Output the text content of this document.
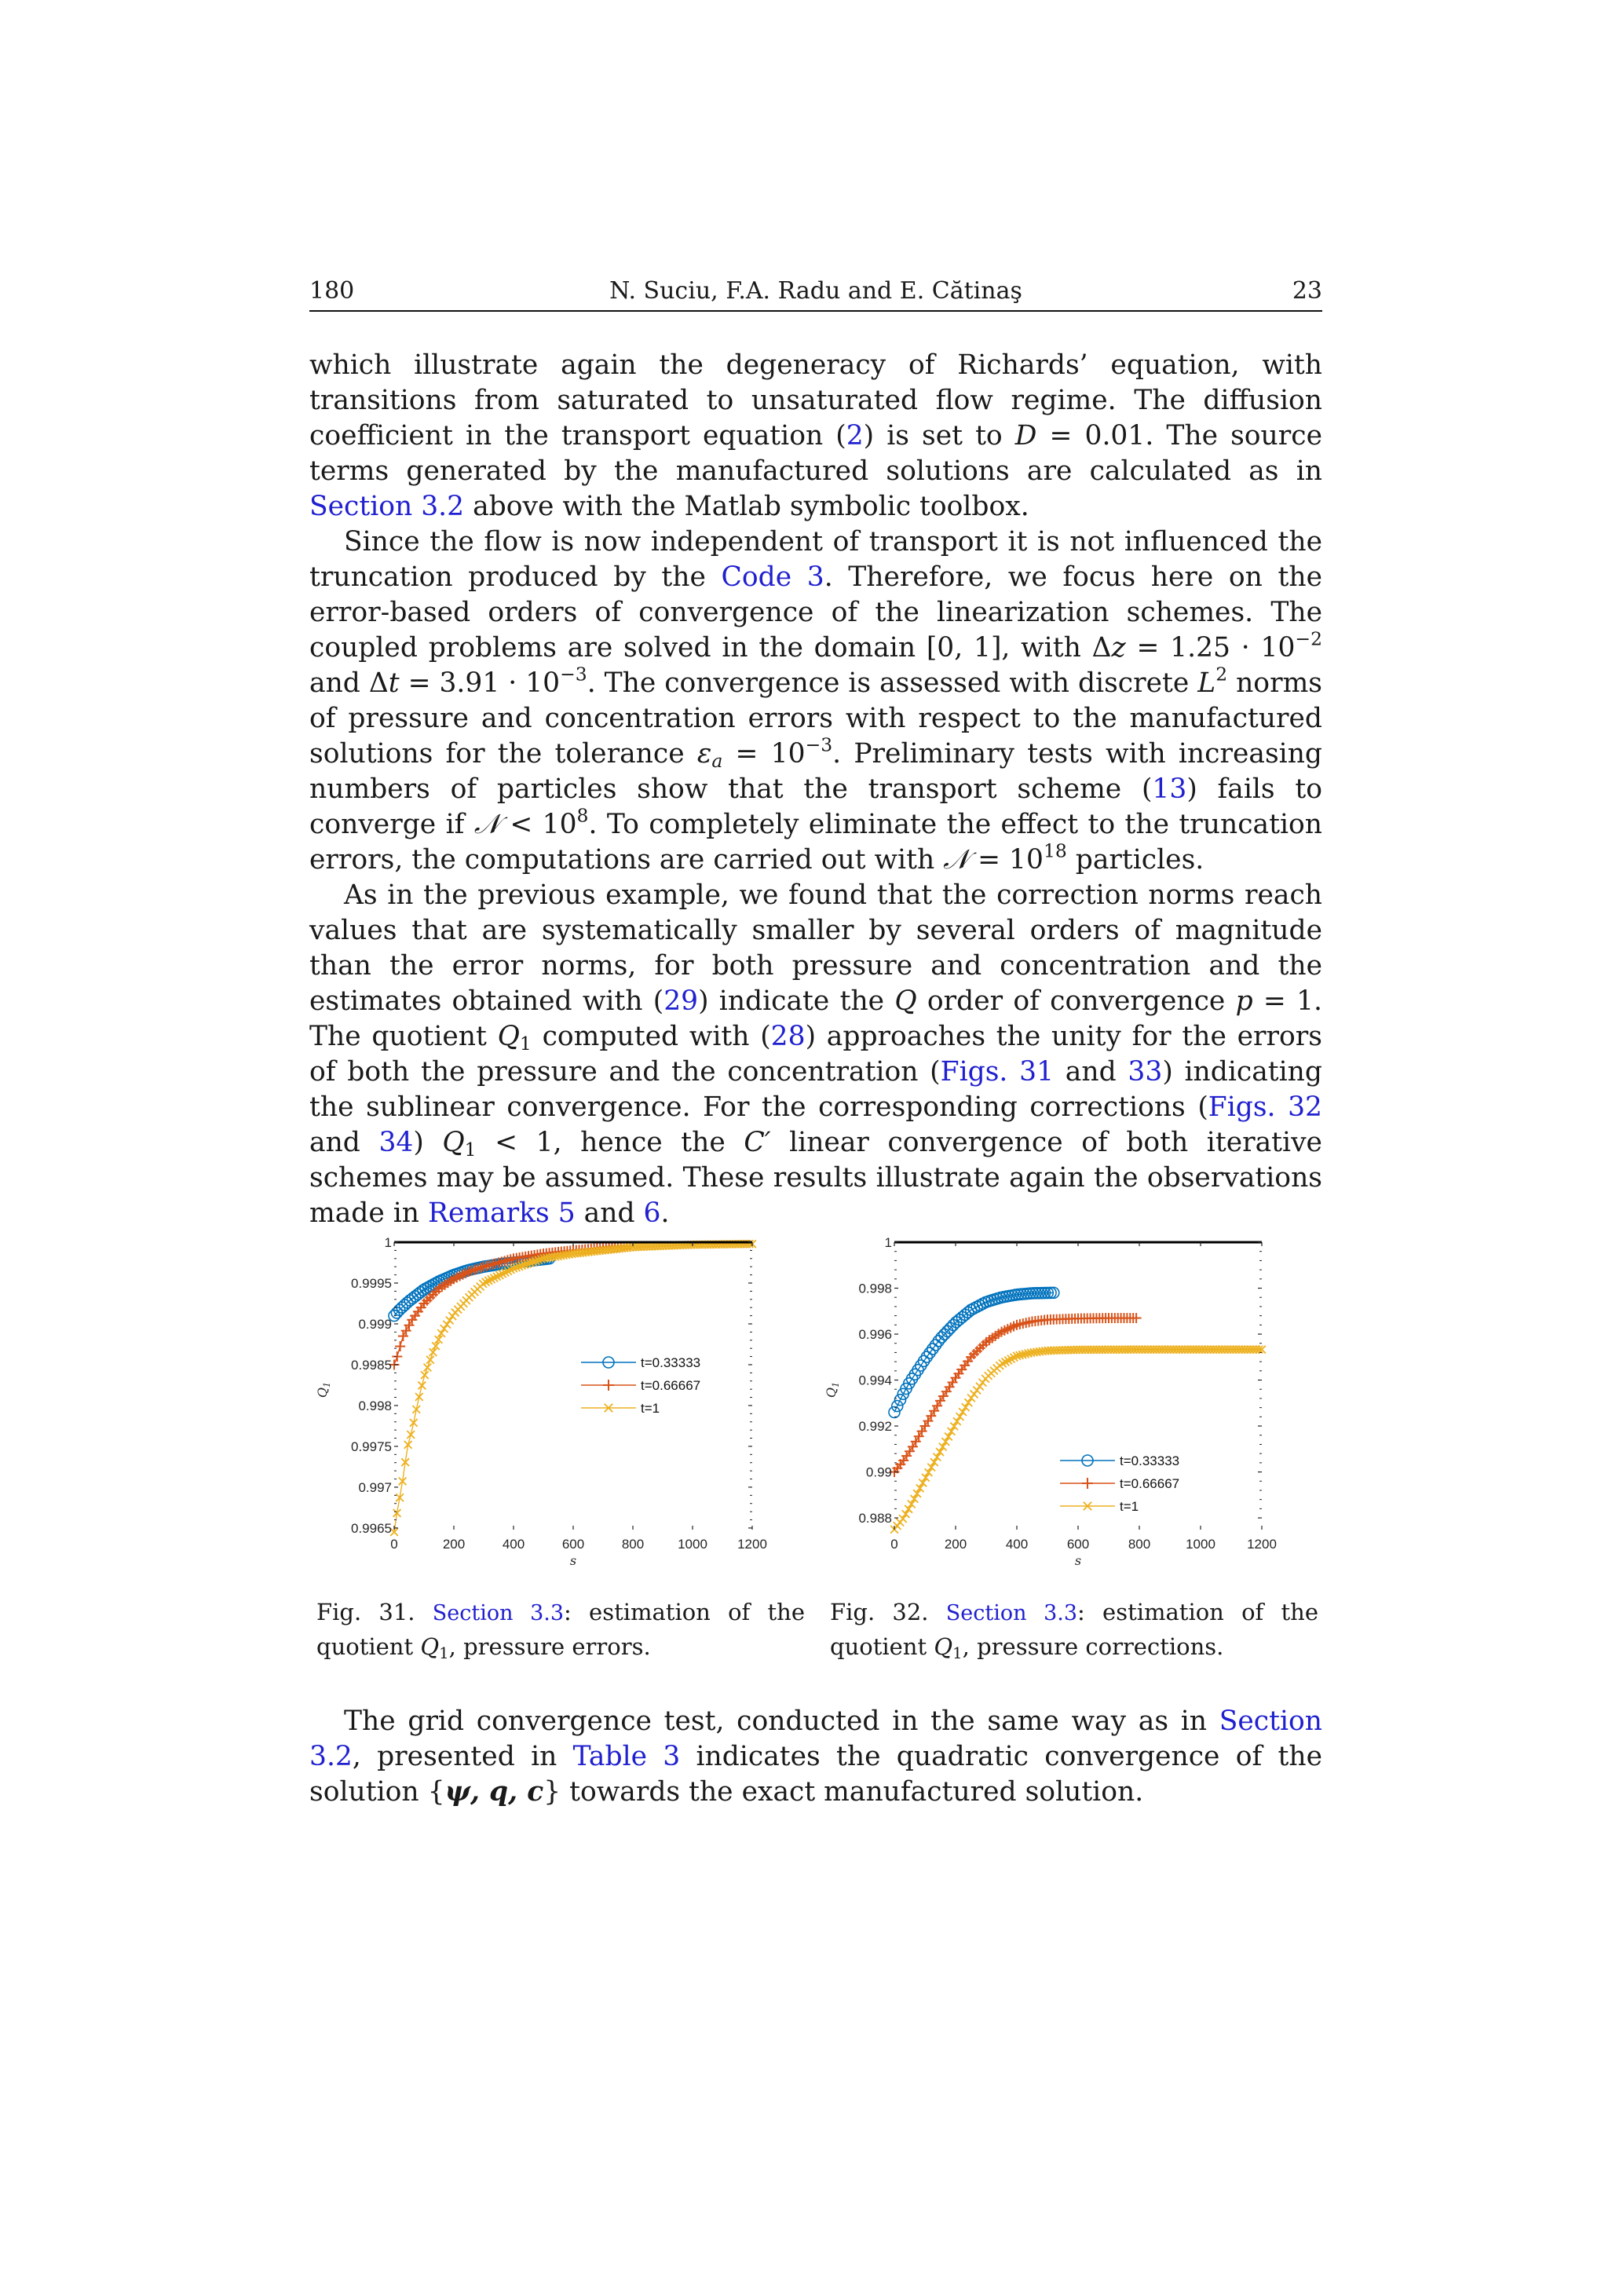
180	N. Suciu, F.A. Radu and E. Cătinaş	23

which illustrate again the degeneracy of Richards’ equation, with transitions from saturated to unsaturated flow regime. The diffusion coefficient in the transport equation (2) is set to D = 0.01. The source terms generated by the manufactured solutions are calculated as in Section 3.2 above with the Matlab symbolic toolbox.

Since the flow is now independent of transport it is not influenced the truncation produced by the Code 3. Therefore, we focus here on the error-based orders of convergence of the linearization schemes. The coupled problems are solved in the domain [0, 1], with $\Delta z = 1.25 \cdot 10^{-2}$ and $\Delta t = 3.91 \cdot 10^{-3}$. The convergence is assessed with discrete $L^2$ norms of pressure and concentration errors with respect to the manufactured solutions for the tolerance $\varepsilon_a = 10^{-3}$. Preliminary tests with increasing numbers of particles show that the transport scheme (13) fails to converge if 𝒩 < $10^8$. To completely eliminate the effect to the truncation errors, the computations are carried out with 𝒩 = $10^{18}$ particles.

As in the previous example, we found that the correction norms reach values that are systematically smaller by several orders of magnitude than the error norms, for both pressure and concentration and the estimates obtained with (29) indicate the Q order of convergence p = 1. The quotient $Q_1$ computed with (28) approaches the unity for the errors of both the pressure and the concentration (Figs. 31 and 33) indicating the sublinear convergence. For the corresponding corrections (Figs. 32 and 34) $Q_1 < 1$, hence the C′ linear convergence of both iterative schemes may be assumed. These results illustrate again the observations made in Remarks 5 and 6.

0	200	400	600	800	1000 1200
0.9965
0.997
0.9975
0.998
0.9985
0.999
0.9995
1
s
$Q_1$
t=0.33333
t=0.66667
t=1
0	200	400	600	800	1000 1200
0.988
0.99
0.992
0.994
0.996
0.998
1
s
$Q_1$
t=0.33333
t=0.66667
t=1
Fig. 31. Section 3.3: estimation of the quotient $Q_1$, pressure errors.
Fig. 32. Section 3.3: estimation of the quotient $Q_1$, pressure corrections.

The grid convergence test, conducted in the same way as in Section 3.2, presented in Table 3 indicates the quadratic convergence of the solution {ψ, q, c} towards the exact manufactured solution.
